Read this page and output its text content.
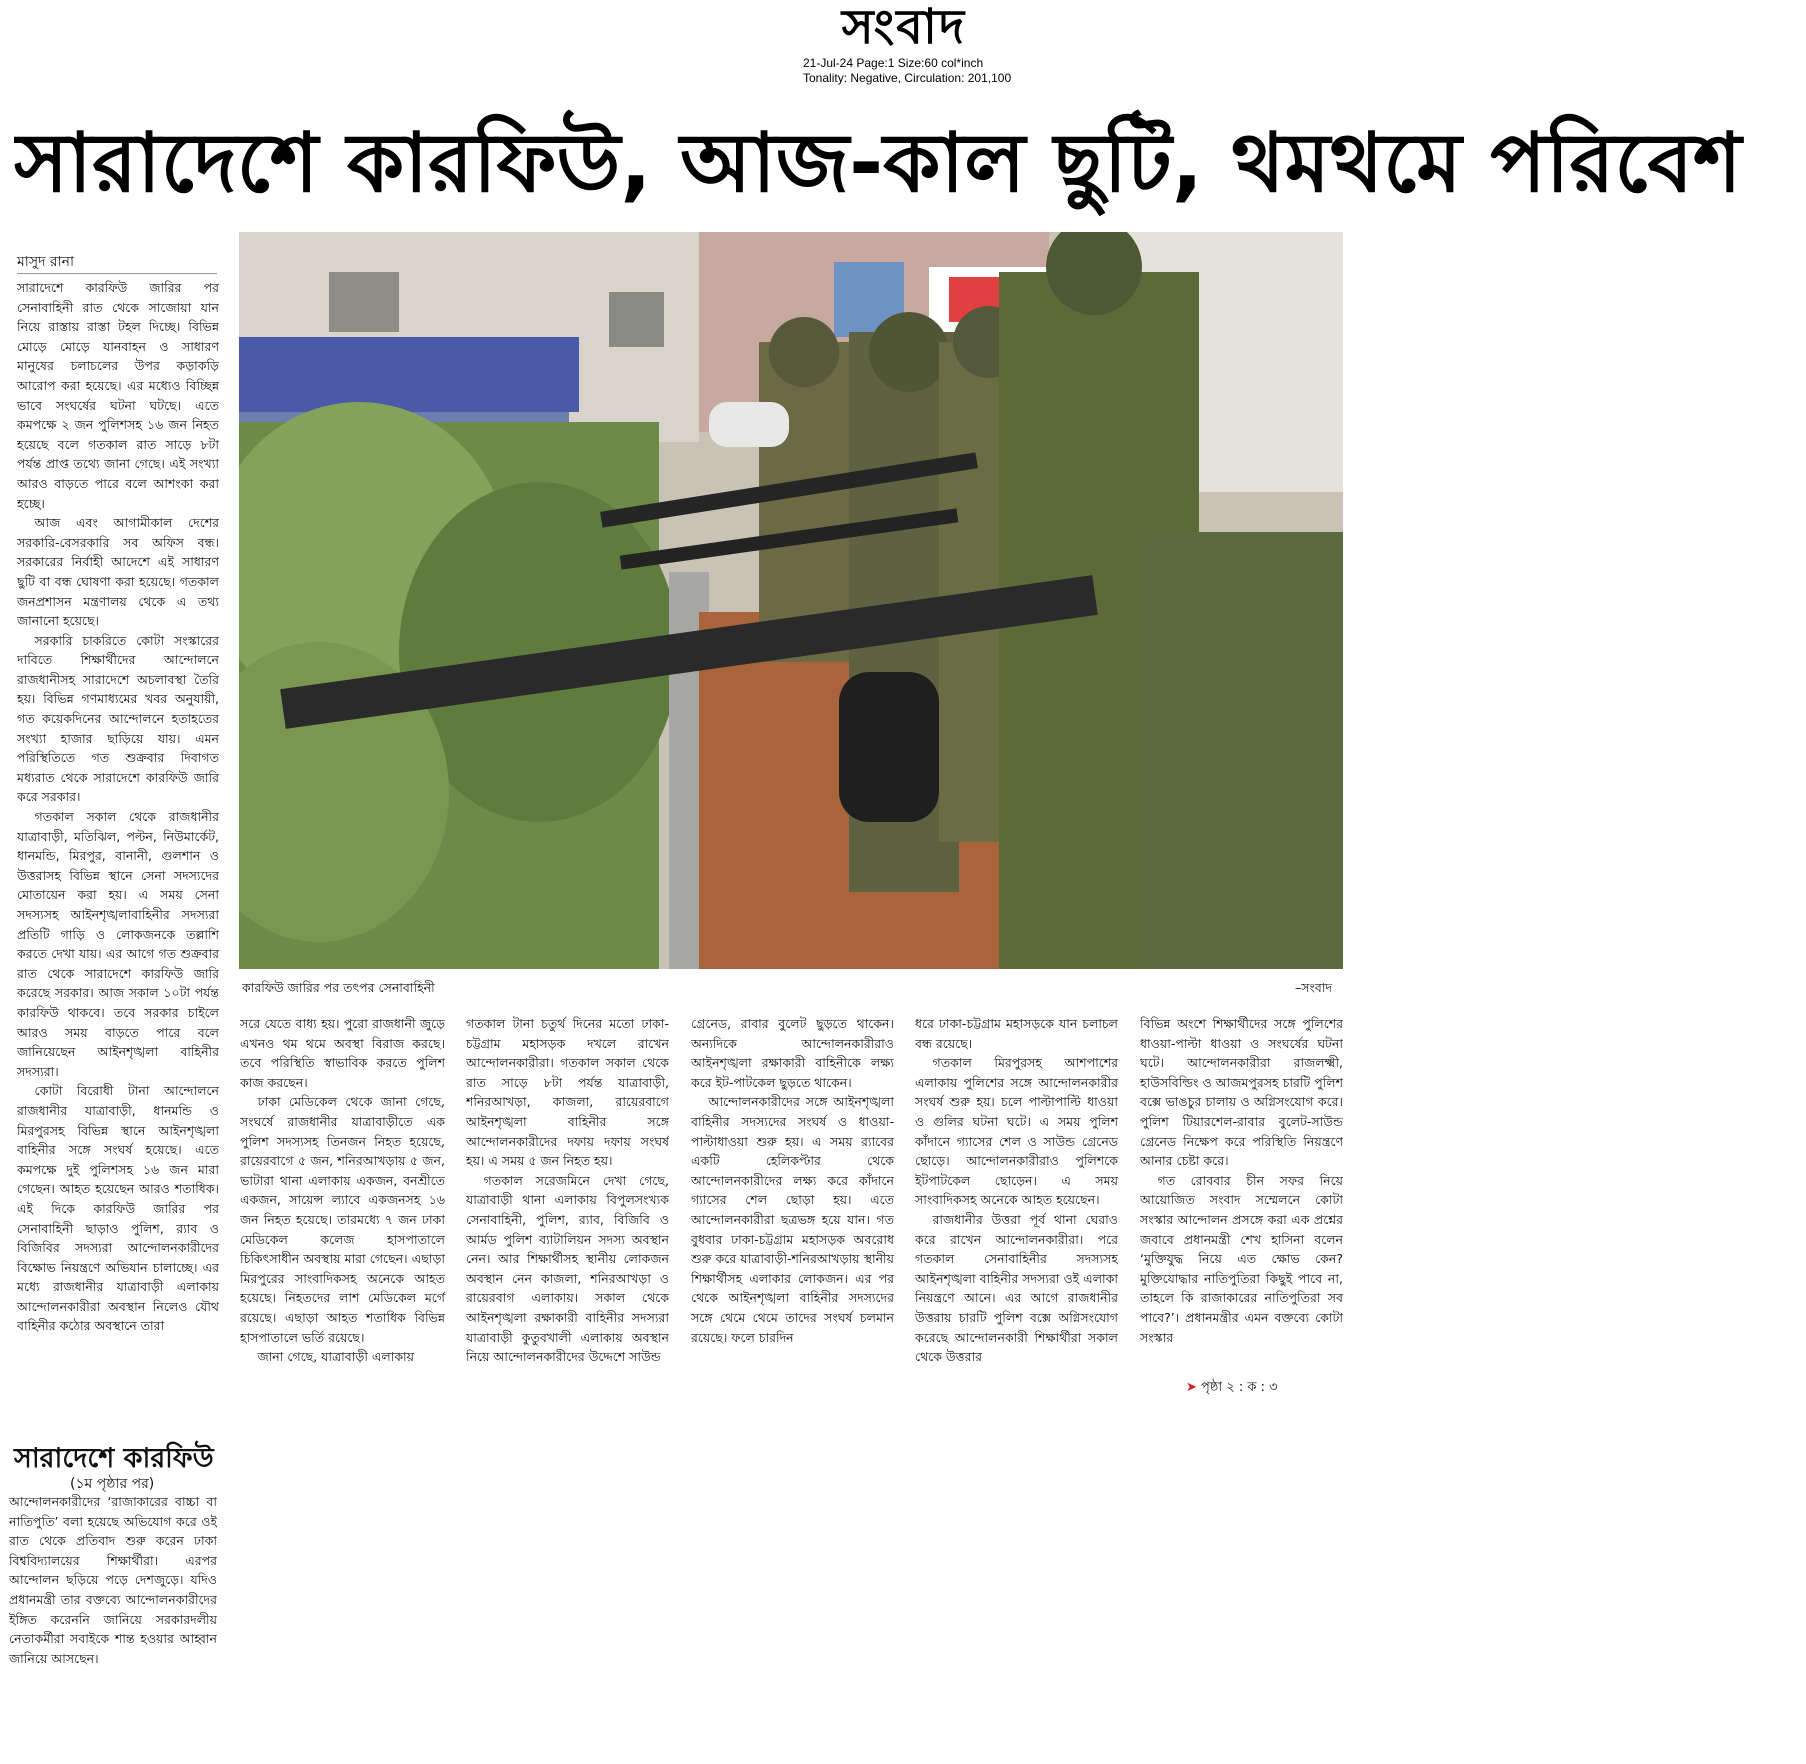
সংবাদ
21-Jul-24 Page:1 Size:60 col*inch
Tonality: Negative, Circulation: 201,100
সারাদেশে কারফিউ, আজ-কাল ছুটি, থমথমে পরিবেশ
মাসুদ রানা

সারাদেশে কারফিউ জারির পর সেনাবাহিনী রাত থেকে সাজোয়া যান নিয়ে রাস্তায় রাস্তা টহল দিচ্ছে। বিভিন্ন মোড়ে মোড়ে যানবাহন ও সাধারণ মানুষের চলাচলের উপর কড়াকড়ি আরোপ করা হয়েছে। এর মধ্যেও বিচ্ছিন্ন ভাবে সংঘর্ষের ঘটনা ঘটছে। এতে কমপক্ষে ২ জন পুলিশসহ ১৬ জন নিহত হয়েছে বলে গতকাল রাত সাড়ে ৮টা পর্যন্ত প্রাপ্ত তথ্যে জানা গেছে। এই সংখ্যা আরও বাড়তে পারে বলে আশংকা করা হচ্ছে।

আজ এবং আগামীকাল দেশের সরকারি-বেসরকারি সব অফিস বন্ধ। সরকারের নির্বাহী আদেশে এই সাধারণ ছুটি বা বন্ধ ঘোষণা করা হয়েছে। গতকাল জনপ্রশাসন মন্ত্রণালয় থেকে এ তথ্য জানানো হয়েছে।

সরকারি চাকরিতে কোটা সংস্কারের দাবিতে শিক্ষার্থীদের আন্দোলনে রাজধানীসহ সারাদেশে অচলাবস্থা তৈরি হয়। বিভিন্ন গণমাধ্যমের খবর অনুযায়ী, গত কয়েকদিনের আন্দোলনে হতাহতের সংখ্যা হাজার ছাড়িয়ে যায়। এমন পরিস্থিতিতে গত শুক্রবার দিবাগত মধ্যরাত থেকে সারাদেশে কারফিউ জারি করে সরকার।

গতকাল সকাল থেকে রাজধানীর যাত্রাবাড়ী, মতিঝিল, পল্টন, নিউমার্কেট, ধানমন্ডি, মিরপুর, বানানী, গুলশান ও উত্তরাসহ বিভিন্ন স্থানে সেনা সদস্যদের মোতায়েন করা হয়। এ সময় সেনা সদস্যসহ আইনশৃঙ্খলাবাহিনীর সদস্যরা প্রতিটি গাড়ি ও লোকজনকে তল্লাশি করতে দেখা যায়। এর আগে গত শুক্রবার রাত থেকে সারাদেশে কারফিউ জারি করেছে সরকার। আজ সকাল ১০টা পর্যন্ত কারফিউ থাকবে। তবে সরকার চাইলে আরও সময় বাড়তে পারে বলে জানিয়েছেন আইনশৃঙ্খলা বাহিনীর সদস্যরা।

কোটা বিরোধী টানা আন্দোলনে রাজধানীর যাত্রাবাড়ী, ধানমন্ডি ও মিরপুরসহ বিভিন্ন স্থানে আইনশৃঙ্খলা বাহিনীর সঙ্গে সংঘর্ষ হয়েছে। এতে কমপক্ষে দুই পুলিশসহ ১৬ জন মারা গেছেন। আহত হয়েছেন আরও শতাধিক। এই দিকে কারফিউ জারির পর সেনাবাহিনী ছাড়াও পুলিশ, র‌্যাব ও বিজিবির সদস্যরা আন্দোলনকারীদের বিক্ষোভ নিয়ন্ত্রণে অভিযান চালাচ্ছে। এর মধ্যে রাজধানীর যাত্রাবাড়ী এলাকায় আন্দোলনকারীরা অবস্থান নিলেও যৌথ বাহিনীর কঠোর অবস্থানে তারা

কারফিউ জারির পর তৎপর সেনাবাহিনী	–সংবাদ

সরে যেতে বাধ্য হয়। পুরো রাজধানী জুড়ে এখনও থম থমে অবস্থা বিরাজ করছে। তবে পরিস্থিতি স্বাভাবিক করতে পুলিশ কাজ করছেন।

ঢাকা মেডিকেল থেকে জানা গেছে, সংঘর্ষে রাজধানীর যাত্রাবাড়ীতে এক পুলিশ সদস্যসহ তিনজন নিহত হয়েছে, রায়েরবাগে ৫ জন, শনিরআখড়ায় ৫ জন, ভাটারা থানা এলাকায় একজন, বনশ্রীতে একজন, সায়েন্স ল্যাবে একজনসহ ১৬ জন নিহত হয়েছে। তারমধ্যে ৭ জন ঢাকা মেডিকেল কলেজ হাসপাতালে চিকিৎসাধীন অবস্থায় মারা গেছেন। এছাড়া মিরপুরের সাংবাদিকসহ অনেকে আহত হয়েছে। নিহতদের লাশ মেডিকেল মর্গে রয়েছে। এছাড়া আহত শতাধিক বিভিন্ন হাসপাতালে ভর্তি রয়েছে।

জানা গেছে, যাত্রাবাড়ী এলাকায়

গতকাল টানা চতুর্থ দিনের মতো ঢাকা-চট্টগ্রাম মহাসড়ক দখলে রাখেন আন্দোলনকারীরা। গতকাল সকাল থেকে রাত সাড়ে ৮টা পর্যন্ত যাত্রাবাড়ী, শনিরআখড়া, কাজলা, রায়েরবাগে আইনশৃঙ্খলা বাহিনীর সঙ্গে আন্দোলনকারীদের দফায় দফায় সংঘর্ষ হয়। এ সময় ৫ জন নিহত হয়।

গতকাল সরেজমিনে দেখা গেছে, যাত্রাবাড়ী থানা এলাকায় বিপুলসংখ্যক সেনাবাহিনী, পুলিশ, র‌্যাব, বিজিবি ও আর্মড পুলিশ ব্যাটালিয়ন সদস্য অবস্থান নেন। আর শিক্ষার্থীসহ স্থানীয় লোকজন অবস্থান নেন কাজলা, শনিরআখড়া ও রায়েরবাগ এলাকায়। সকাল থেকে আইনশৃঙ্খলা রক্ষাকারী বাহিনীর সদস্যরা যাত্রাবাড়ী কুতুবখালী এলাকায় অবস্থান নিয়ে আন্দোলনকারীদের উদ্দেশে সাউন্ড

গ্রেনেড, রাবার বুলেট ছুড়তে থাকেন। অন্যদিকে আন্দোলনকারীরাও আইনশৃঙ্খলা রক্ষাকারী বাহিনীকে লক্ষ্য করে ইট-পাটকেল ছুড়তে থাকেন।

আন্দোলনকারীদের সঙ্গে আইনশৃঙ্খলা বাহিনীর সদস্যদের সংঘর্ষ ও ধাওয়া- পাল্টাধাওয়া শুরু হয়। এ সময় র‌্যাবের একটি হেলিকপ্টার থেকে আন্দোলনকারীদের লক্ষ্য করে কাঁদানে গ্যাসের শেল ছোড়া হয়। এতে আন্দোলনকারীরা ছত্রভঙ্গ হয়ে যান। গত বুধবার ঢাকা-চট্টগ্রাম মহাসড়ক অবরোধ শুরু করে যাত্রাবাড়ী-শনিরআখড়ায় স্থানীয় শিক্ষার্থীসহ এলাকার লোকজন। এর পর থেকে আইনশৃঙ্খলা বাহিনীর সদস্যদের সঙ্গে থেমে থেমে তাদের সংঘর্ষ চলমান রয়েছে। ফলে চারদিন

ধরে ঢাকা-চট্টগ্রাম মহাসড়কে যান চলাচল বন্ধ রয়েছে।

গতকাল মিরপুরসহ আশপাশের এলাকায় পুলিশের সঙ্গে আন্দোলনকারীর সংঘর্ষ শুরু হয়। চলে পাল্টাপাল্টি ধাওয়া ও গুলির ঘটনা ঘটে। এ সময় পুলিশ কাঁদানে গ্যাসের শেল ও সাউন্ড গ্রেনেড ছোড়ে। আন্দোলনকারীরাও পুলিশকে ইটপাটকেল ছোড়েন। এ সময় সাংবাদিকসহ অনেকে আহত হয়েছেন।

রাজধানীর উত্তরা পূর্ব থানা ঘেরাও করে রাখেন আন্দোলনকারীরা। পরে গতকাল সেনাবাহিনীর সদস্যসহ আইনশৃঙ্খলা বাহিনীর সদস্যরা ওই এলাকা নিয়ন্ত্রণে আনে। এর আগে রাজধানীর উত্তরায় চারটি পুলিশ বক্সে অগ্নিসংযোগ করেছে আন্দোলনকারী শিক্ষার্থীরা সকাল থেকে উত্তরার

বিভিন্ন অংশে শিক্ষার্থীদের সঙ্গে পুলিশের ধাওয়া-পাল্টা ধাওয়া ও সংঘর্ষের ঘটনা ঘটে। আন্দোলনকারীরা রাজলক্ষ্মী, হাউসবিল্ডিং ও আজমপুরসহ চারটি পুলিশ বক্সে ভাঙচুর চালায় ও অগ্নিসংযোগ করে। পুলিশ টিয়ারশেল-রাবার বুলেট-সাউন্ড গ্রেনেড নিক্ষেপ করে পরিস্থিতি নিয়ন্ত্রণে আনার চেষ্টা করে।

গত রোববার চীন সফর নিয়ে আয়োজিত সংবাদ সম্মেলনে কোটা সংস্কার আন্দোলন প্রসঙ্গে করা এক প্রশ্নের জবাবে প্রধানমন্ত্রী শেখ হাসিনা বলেন ‘মুক্তিযুদ্ধ নিয়ে এত ক্ষোভ কেন? মুক্তিযোদ্ধার নাতিপুতিরা কিছুই পাবে না, তাহলে কি রাজাকারের নাতিপুতিরা সব পাবে?’। প্রধানমন্ত্রীর এমন বক্তব্যে কোটা সংস্কার

➤ পৃষ্ঠা ২ : ক : ৩
সারাদেশে কারফিউ
(১ম পৃষ্ঠার পর)

আন্দোলনকারীদের ‘রাজাকারের বাচ্চা বা নাতিপুতি’ বলা হয়েছে অভিযোগ করে ওই রাত থেকে প্রতিবাদ শুরু করেন ঢাকা বিশ্ববিদ্যালয়ের শিক্ষার্থীরা। এরপর আন্দোলন ছড়িয়ে পড়ে দেশজুড়ে। যদিও প্রধানমন্ত্রী তার বক্তব্যে আন্দোলনকারীদের ইঙ্গিত করেননি জানিয়ে সরকারদলীয় নেতাকর্মীরা সবাইকে শান্ত হওয়ার আহ্বান জানিয়ে আসছেন।
